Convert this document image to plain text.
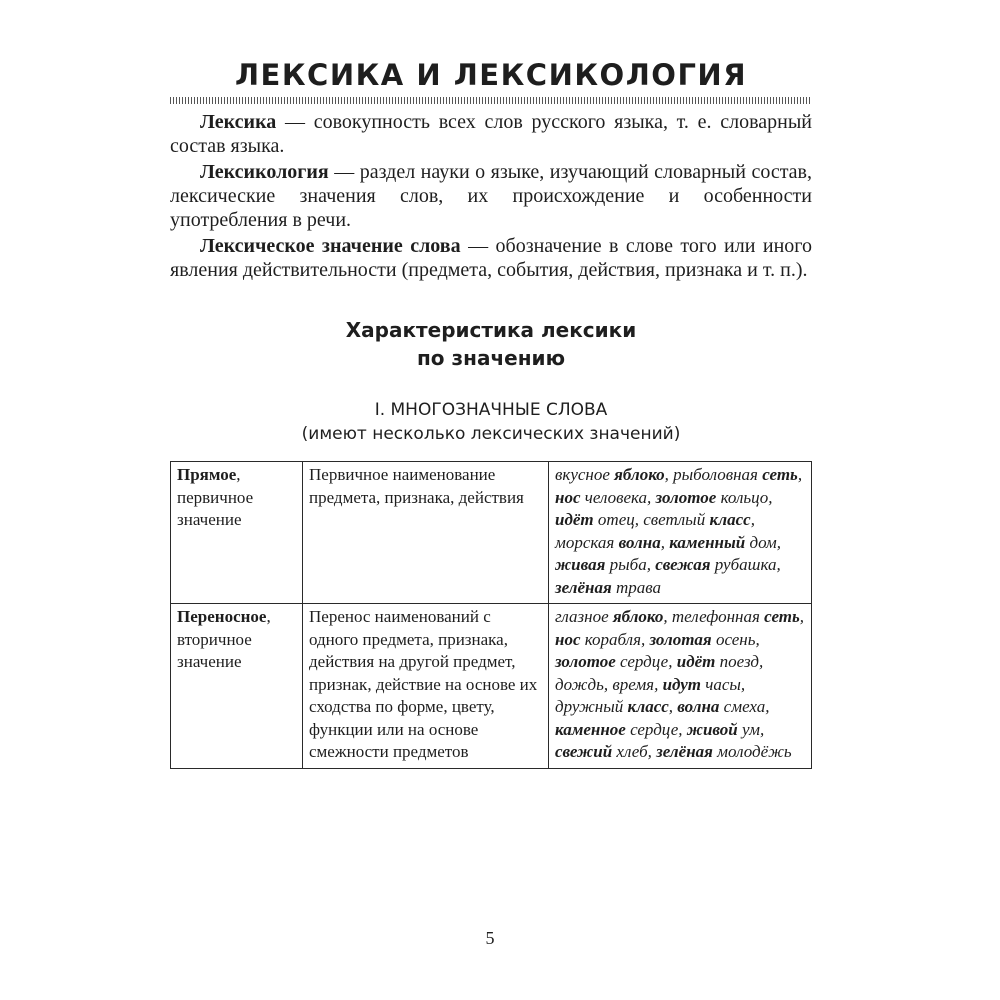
ЛЕКСИКА И ЛЕКСИКОЛОГИЯ

Лексика — совокупность всех слов русского языка, т. е. словарный состав языка.

Лексикология — раздел науки о языке, изучающий словарный состав, лексические значения слов, их происхождение и особенности употребления в речи.

Лексическое значение слова — обозначение в слове того или иного явления действительности (предмета, события, действия, признака и т. п.).

Характеристика лексики
по значению
I. МНОГОЗНАЧНЫЕ СЛОВА
(имеют несколько лексических значений)
Прямое, первичное значение	Первичное наименование предмета, признака, действия	вкусное яблоко, рыболовная сеть, нос человека, золотое кольцо, идёт отец, светлый класс, морская волна, каменный дом, живая рыба, свежая рубашка, зелёная трава
Переносное, вторичное значение	Перенос наименований с одного предмета, признака, действия на другой предмет, признак, действие на основе их сходства по форме, цвету, функции или на основе смежности предметов	глазное яблоко, телефонная сеть, нос корабля, золотая осень, золотое сердце, идёт поезд, дождь, время, идут часы, дружный класс, волна смеха, каменное сердце, живой ум, свежий хлеб, зелёная молодёжь
5
